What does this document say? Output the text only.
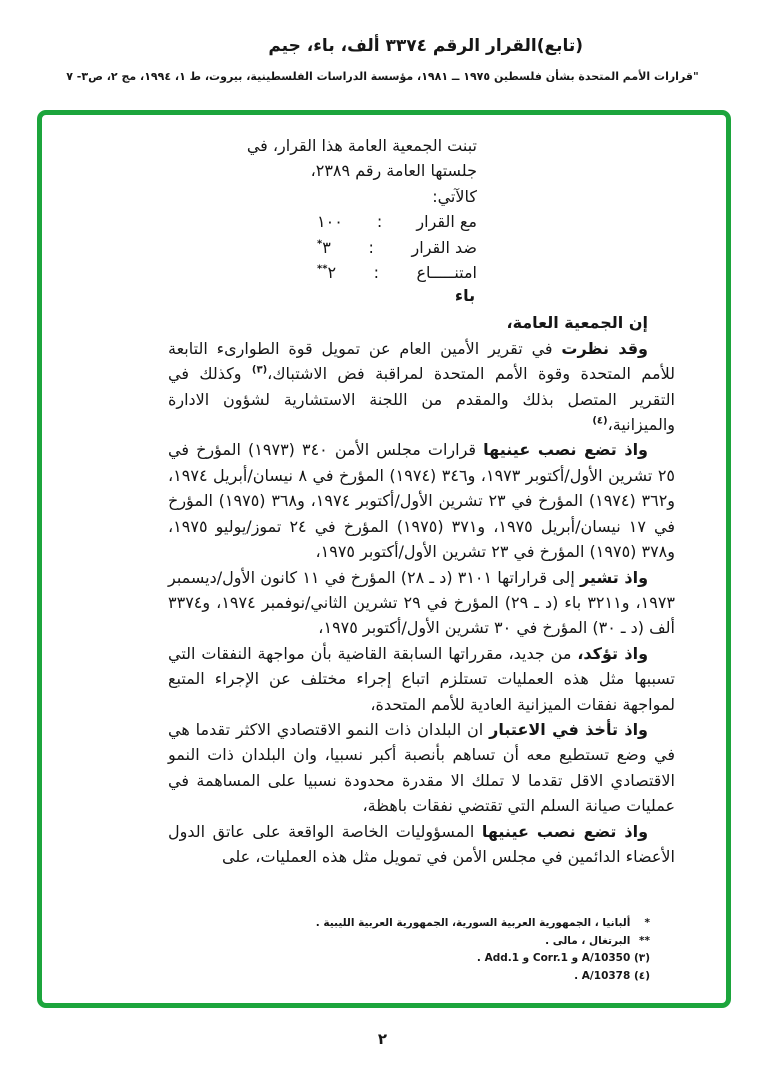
(تابع)القرار الرقم ٣٣٧٤ ألف، باء، جيم
"قرارات الأمم المتحدة بشأن فلسطين ١٩٧٥ ــ ١٩٨١، مؤسسة الدراسات الفلسطينية، بيروت، ط ١، ١٩٩٤، مج ٢، ص٣- ٧
تبنت الجمعية العامة هذا القرار، في
جلستها العامة رقم ٢٣٨٩،
كالآتي:
مع القرار
:
١٠٠
ضد القرار
:
٣*
امتنـــــاع
:
٢**
باء
إن الجمعية العامة،

وقد نظرت في تقرير الأمين العام عن تمويل قوة الطوارىء التابعة للأمم المتحدة وقوة الأمم المتحدة لمراقبة فض الاشتباك،$^{(٣)}$ وكذلك في التقرير المتصل بذلك والمقدم من اللجنة الاستشارية لشؤون الادارة والميزانية،$^{(٤)}$

واذ تضع نصب عينيها قرارات مجلس الأمن ٣٤٠ (١٩٧٣) المؤرخ في ٢٥ تشرين الأول/أكتوبر ١٩٧٣، و٣٤٦ (١٩٧٤) المؤرخ في ٨ نيسان/أبريل ١٩٧٤، و٣٦٢ (١٩٧٤) المؤرخ في ٢٣ تشرين الأول/أكتوبر ١٩٧٤، و٣٦٨ (١٩٧٥) المؤرخ في ١٧ نيسان/أبريل ١٩٧٥، و٣٧١ (١٩٧٥) المؤرخ في ٢٤ تموز/يوليو ١٩٧٥، و٣٧٨ (١٩٧٥) المؤرخ في ٢٣ تشرين الأول/أكتوبر ١٩٧٥،

واذ تشير إلى قراراتها ٣١٠١ (د ـ ٢٨) المؤرخ في ١١ كانون الأول/ديسمبر ١٩٧٣، و٣٢١١ باء (د ـ ٢٩) المؤرخ في ٢٩ تشرين الثاني/نوفمبر ١٩٧٤، و٣٣٧٤ ألف (د ـ ٣٠) المؤرخ في ٣٠ تشرين الأول/أكتوبر ١٩٧٥،

واذ تؤكد، من جديد، مقرراتها السابقة القاضية بأن مواجهة النفقات التي تسببها مثل هذه العمليات تستلزم اتباع إجراء مختلف عن الإجراء المتبع لمواجهة نفقات الميزانية العادية للأمم المتحدة،

واذ تأخذ في الاعتبار ان البلدان ذات النمو الاقتصادي الاكثر تقدما هي في وضع تستطيع معه أن تساهم بأنصبة أكبر نسبيا، وان البلدان ذات النمو الاقتصادي الاقل تقدما لا تملك الا مقدرة محدودة نسبيا على المساهمة في عمليات صيانة السلم التي تقتضي نفقات باهظة،

واذ تضع نصب عينيها المسؤوليات الخاصة الواقعة على عاتق الدول الأعضاء الدائمين في مجلس الأمن في تمويل مثل هذه العمليات، على

* ألبانيا ، الجمهورية العربية السورية، الجمهورية العربية الليبية .
** البرتغال ، مالى .
(٣) A/10350 و Corr.1 و Add.1 .
(٤) A/10378 .
٢
